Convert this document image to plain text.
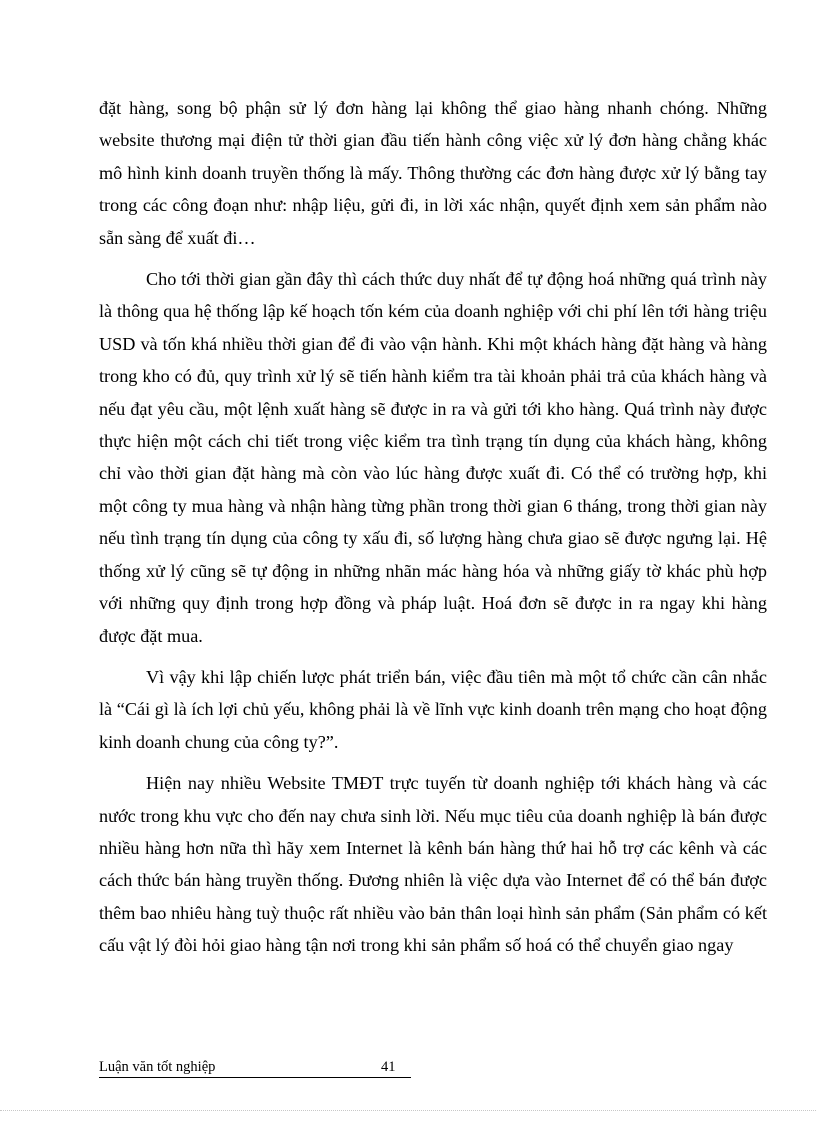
đặt hàng, song bộ phận sử lý đơn hàng lại không thể giao hàng nhanh chóng. Những website thương mại điện tử thời gian đầu tiến hành công việc xử lý đơn hàng chẳng khác mô hình kinh doanh truyền thống là mấy. Thông thường các đơn hàng được xử lý bằng tay trong các công đoạn như: nhập liệu, gửi đi, in lời xác nhận, quyết định xem sản phẩm nào sẵn sàng để xuất đi…

Cho tới thời gian gần đây thì cách thức duy nhất để tự động hoá những quá trình này là thông qua hệ thống lập kế hoạch tốn kém của doanh nghiệp với chi phí lên tới hàng triệu USD và tốn khá nhiều thời gian để đi vào vận hành. Khi một khách hàng đặt hàng và hàng trong kho có đủ, quy trình xử lý sẽ tiến hành kiểm tra tài khoản phải trả của khách hàng và nếu đạt yêu cầu, một lệnh xuất hàng sẽ được in ra và gửi tới kho hàng. Quá trình này được thực hiện một cách chi tiết trong việc kiểm tra tình trạng tín dụng của khách hàng, không chỉ vào thời gian đặt hàng mà còn vào lúc hàng được xuất đi. Có thể có trường hợp, khi một công ty mua hàng và nhận hàng từng phần trong thời gian 6 tháng, trong thời gian này nếu tình trạng tín dụng của công ty xấu đi, số lượng hàng chưa giao sẽ được ngưng lại. Hệ thống xử lý cũng sẽ tự động in những nhãn mác hàng hóa và những giấy tờ khác phù hợp với những quy định trong hợp đồng và pháp luật. Hoá đơn sẽ được in ra ngay khi hàng được đặt mua.

Vì vậy khi lập chiến lược phát triển bán, việc đầu tiên mà một tổ chức cần cân nhắc là “Cái gì là ích lợi chủ yếu, không phải là về lĩnh vực kinh doanh trên mạng cho hoạt động kinh doanh chung của công ty?”.

Hiện nay nhiều Website TMĐT trực tuyến từ doanh nghiệp tới khách hàng và các nước trong khu vực cho đến nay chưa sinh lời. Nếu mục tiêu của doanh nghiệp là bán được nhiều hàng hơn nữa thì hãy xem Internet là kênh bán hàng thứ hai hỗ trợ các kênh và các cách thức bán hàng truyền thống. Đương nhiên là việc dựa vào Internet để có thể bán được thêm bao nhiêu hàng tuỳ thuộc rất nhiều vào bản thân loại hình sản phẩm (Sản phẩm có kết cấu vật lý đòi hỏi giao hàng tận nơi trong khi sản phẩm số hoá có thể chuyển giao ngay

Luận văn tốt nghiệp	41
